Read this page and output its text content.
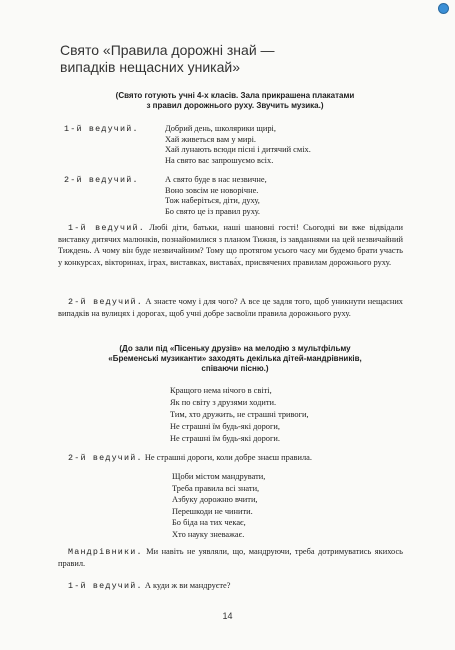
Свято «Правила дорожні знай —
випадків нещасних уникай»
(Свято готують учні 4-х класів. Зала прикрашена плакатами
з правил дорожнього руху. Звучить музика.)
1-й ведучий.	Добрий день, школярики щирі,
Хай живеться вам у мирі.
Хай лунають всюди пісні і дитячий сміх.
На свято вас запрошуємо всіх.
2-й ведучий.	А свято буде в нас незвичне,
Воно зовсім не новорічне.
Тож наберіться, діти, духу,
Бо свято це із правил руху.
1-й ведучий. Любі діти, батьки, наші шановні гості! Сьогодні ви вже відвідали виставку дитячих малюнків, познайомилися з планом Тижня, із завданнями на цей незвичайний Тиждень. А чому він буде незвичайним? Тому що протягом усього часу ми будемо брати участь у конкурсах, вікторинах, іграх, виставках, вистава́х, присвячених правилам дорожнього руху.
2-й ведучий. А знаєте чому і для чого? А все це задля того, щоб уникнути нещасних випадків на вулицях і дорогах, щоб учні добре засвоїли правила дорожнього руху.
(До зали під «Пісеньку друзів» на мелодію з мультфільму
«Бременські музиканти» заходять декілька дітей-мандрівників,
співаючи пісню.)
Кращого нема нічого в світі,
Як по світу з друзями ходити.
Тим, хто дружить, не страшні тривоги,
Не страшні їм будь-які дороги,
Не страшні їм будь-які дороги.
2-й ведучий. Не страшні дороги, коли добре знаєш правила.
Щоби містом мандрувати,
Треба правила всі знати,
Азбуку дорожню вчити,
Перешкоди не чинити.
Бо біда на тих чекає,
Хто науку зневажає.
Мандрівники. Ми навіть не уявляли, що, мандруючи, треба дотримуватись якихось правил.
1-й ведучий. А куди ж ви мандруєте?
14
